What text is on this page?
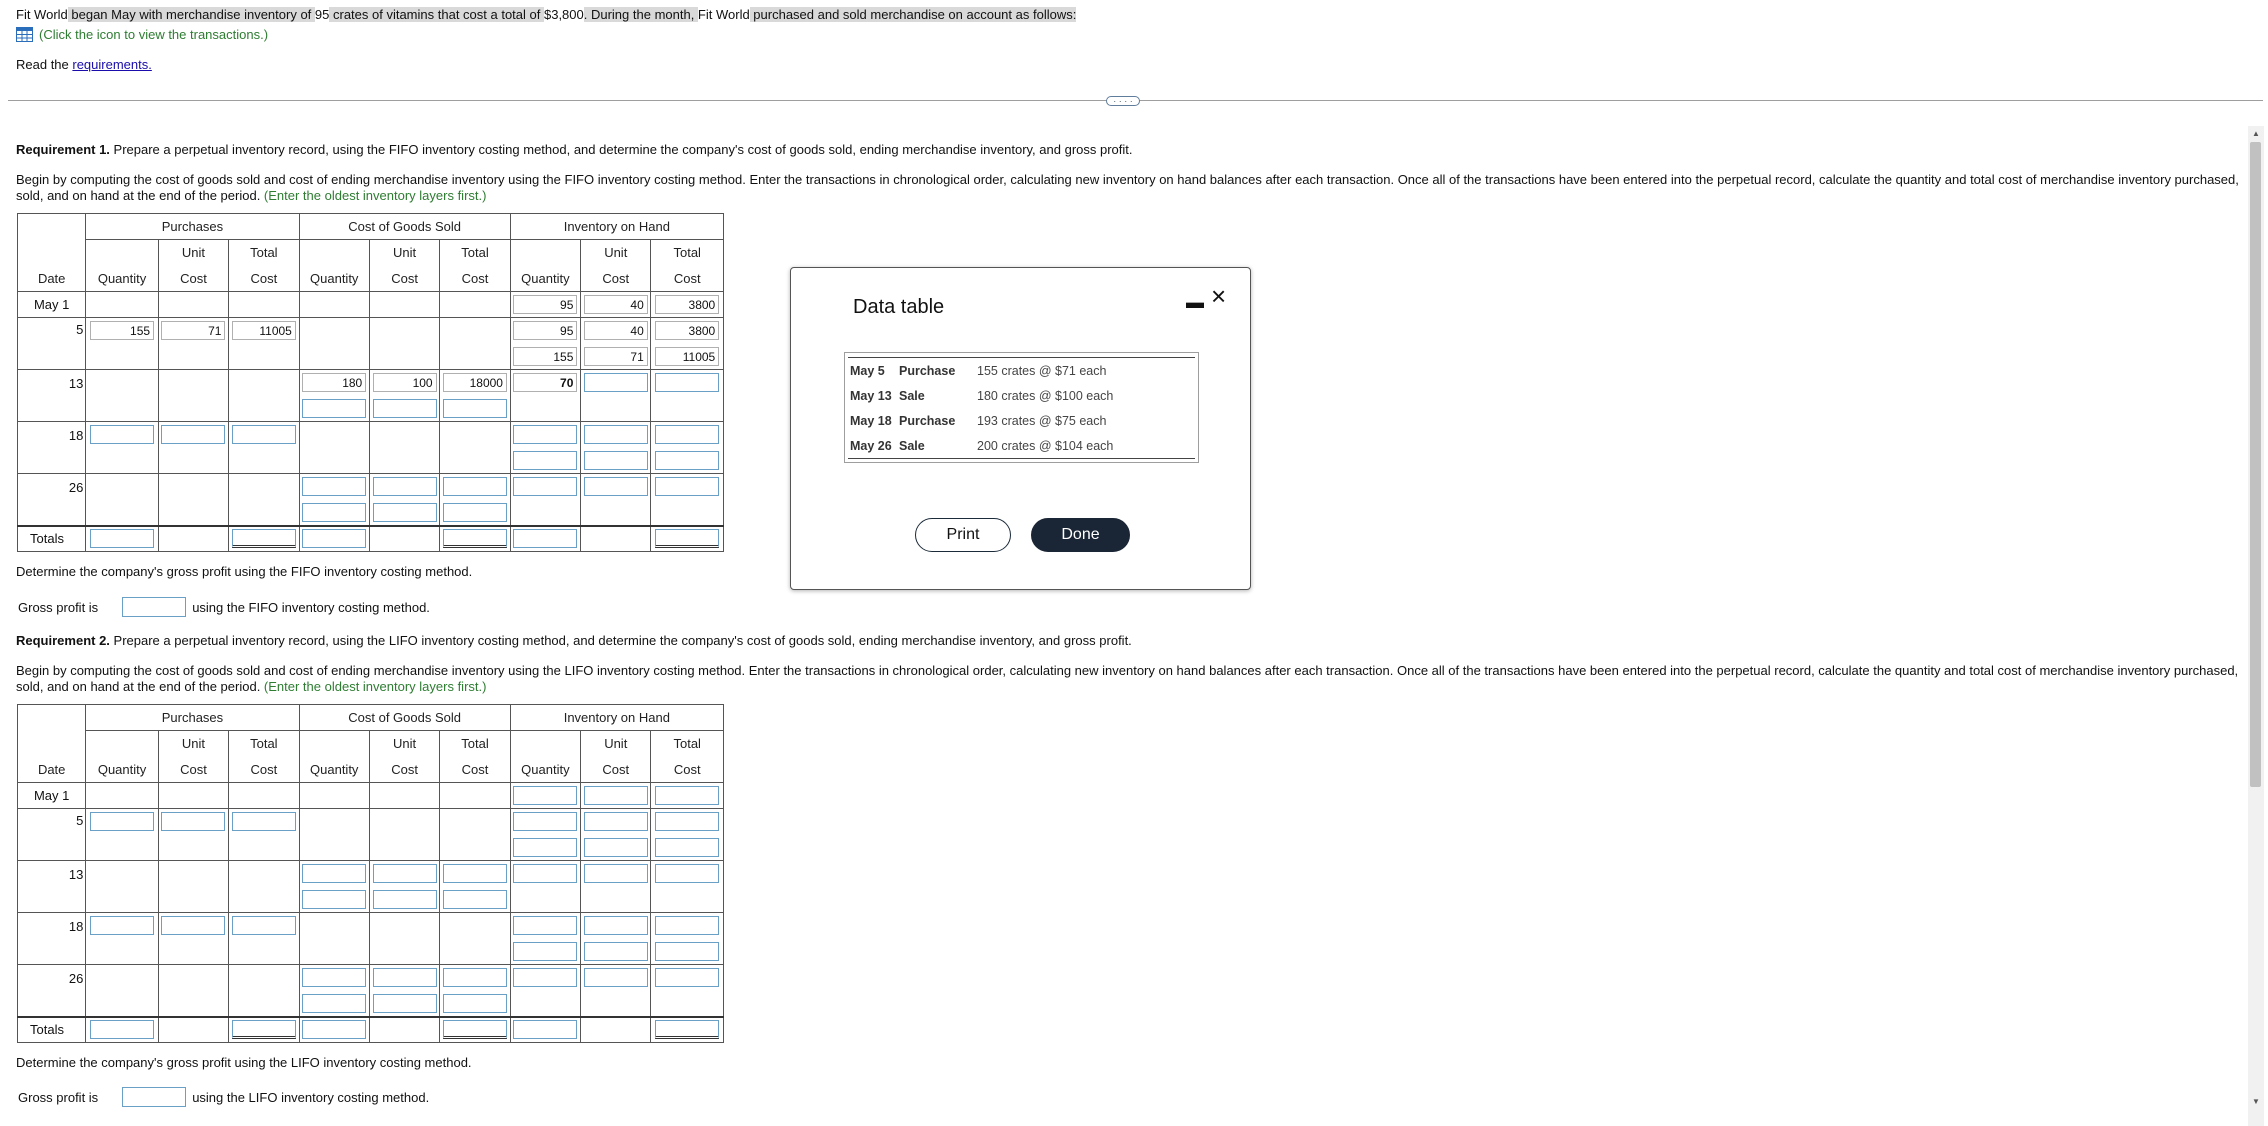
Fit World began May with merchandise inventory of 95 crates of vitamins that cost a total of $3,800. During the month, Fit World purchased and sold merchandise on account as follows:
(Click the icon to view the transactions.)
Read the requirements.
· · · ·
▲
▼
Requirement 1. Prepare a perpetual inventory record, using the FIFO inventory costing method, and determine the company's cost of goods sold, ending merchandise inventory, and gross profit.
Begin by computing the cost of goods sold and cost of ending merchandise inventory using the FIFO inventory costing method. Enter the transactions in chronological order, calculating new inventory on hand balances after each transaction. Once all of the transactions have been entered into the perpetual record, calculate the quantity and total cost of merchandise inventory purchased, sold, and on hand at the end of the period. (Enter the oldest inventory layers first.)
	Purchases			Cost of Goods Sold			Inventory on Hand		
		Unit	Total		Unit	Total		Unit	Total
Date	Quantity	Cost	Cost	Quantity	Cost	Cost	Quantity	Cost	Cost
May 1							95	40	3800

5	155	71	11005				95	40	3800

							155	71	11005

13				180	100	18000	70		

18	

26				

Totals	

Determine the company's gross profit using the FIFO inventory costing method.
Gross profit is	using the FIFO inventory costing method.
Requirement 2. Prepare a perpetual inventory record, using the LIFO inventory costing method, and determine the company's cost of goods sold, ending merchandise inventory, and gross profit.
Begin by computing the cost of goods sold and cost of ending merchandise inventory using the LIFO inventory costing method. Enter the transactions in chronological order, calculating new inventory on hand balances after each transaction. Once all of the transactions have been entered into the perpetual record, calculate the quantity and total cost of merchandise inventory purchased, sold, and on hand at the end of the period. (Enter the oldest inventory layers first.)
	Purchases			Cost of Goods Sold			Inventory on Hand		
		Unit	Total		Unit	Total		Unit	Total
Date	Quantity	Cost	Cost	Quantity	Cost	Cost	Quantity	Cost	Cost
May 1							

5	

13				

18	

26				

Totals	

Determine the company's gross profit using the LIFO inventory costing method.
Gross profit is	using the LIFO inventory costing method.
Data table	▬ ×
May 5	Purchase	155 crates @ $71 each
May 13 Sale	180 crates @ $100 each
May 18 Purchase	193 crates @ $75 each
May 26 Sale	200 crates @ $104 each
Print	Done
